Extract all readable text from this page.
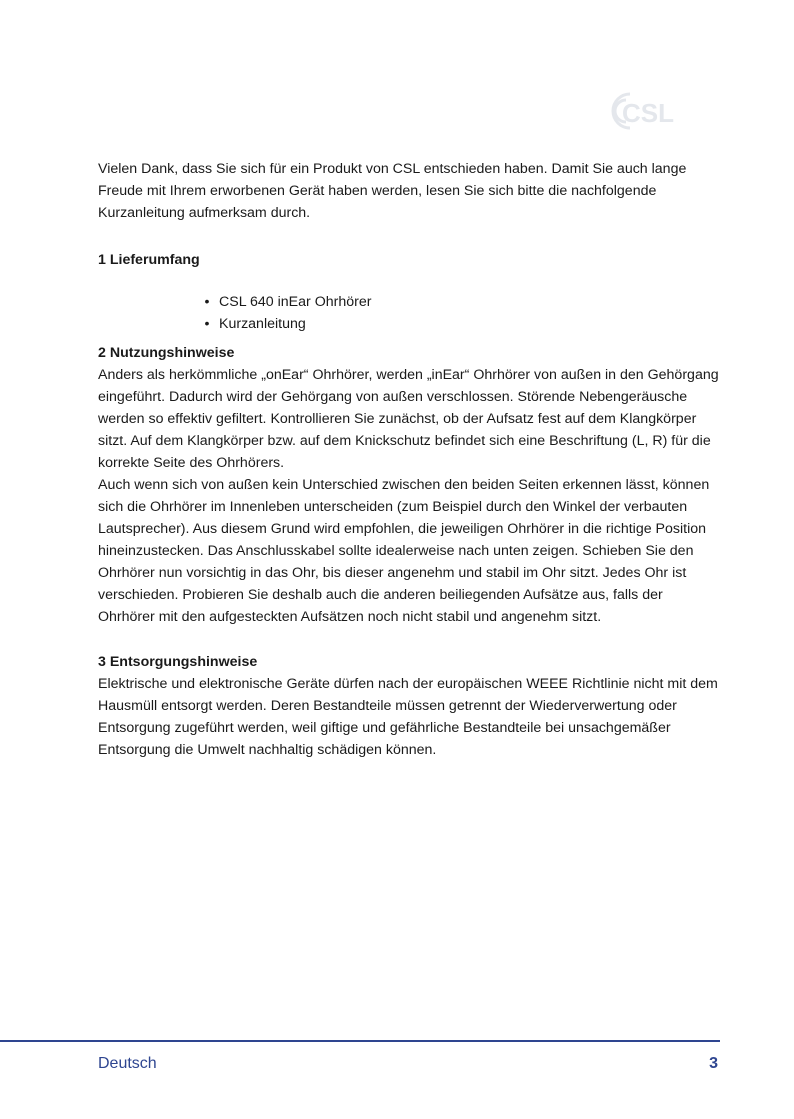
CSL

Vielen Dank, dass Sie sich für ein Produkt von CSL entschieden haben. Damit Sie auch lange Freude mit Ihrem erworbenen Gerät haben werden, lesen Sie sich bitte die nachfolgende Kurzanleitung aufmerksam durch.

1 Lieferumfang
• CSL 640 inEar Ohrhörer
• Kurzanleitung
2 Nutzungshinweise

Anders als herkömmliche „onEar“ Ohrhörer, werden „inEar“ Ohrhörer von außen in den Gehörgang eingeführt. Dadurch wird der Gehörgang von außen verschlossen. Störende Nebengeräusche werden so effektiv gefiltert. Kontrollieren Sie zunächst, ob der Aufsatz fest auf dem Klangkörper sitzt. Auf dem Klangkörper bzw. auf dem Knickschutz befindet sich eine Beschriftung (L, R) für die korrekte Seite des Ohrhörers.

Auch wenn sich von außen kein Unterschied zwischen den beiden Seiten erkennen lässt, können sich die Ohrhörer im Innenleben unterscheiden (zum Beispiel durch den Winkel der verbauten Lautsprecher). Aus diesem Grund wird empfohlen, die jeweiligen Ohrhörer in die richtige Position hineinzustecken. Das Anschlusskabel sollte idealerweise nach unten zeigen. Schieben Sie den Ohrhörer nun vorsichtig in das Ohr, bis dieser angenehm und stabil im Ohr sitzt. Jedes Ohr ist verschieden. Probieren Sie deshalb auch die anderen beiliegenden Aufsätze aus, falls der Ohrhörer mit den aufgesteckten Aufsätzen noch nicht stabil und angenehm sitzt.

3 Entsorgungshinweise

Elektrische und elektronische Geräte dürfen nach der europäischen WEEE Richtlinie nicht mit dem Hausmüll entsorgt werden. Deren Bestandteile müssen getrennt der Wiederverwertung oder Entsorgung zugeführt werden, weil giftige und gefährliche Bestandteile bei unsachgemäßer Entsorgung die Umwelt nachhaltig schädigen können.

Deutsch	3
